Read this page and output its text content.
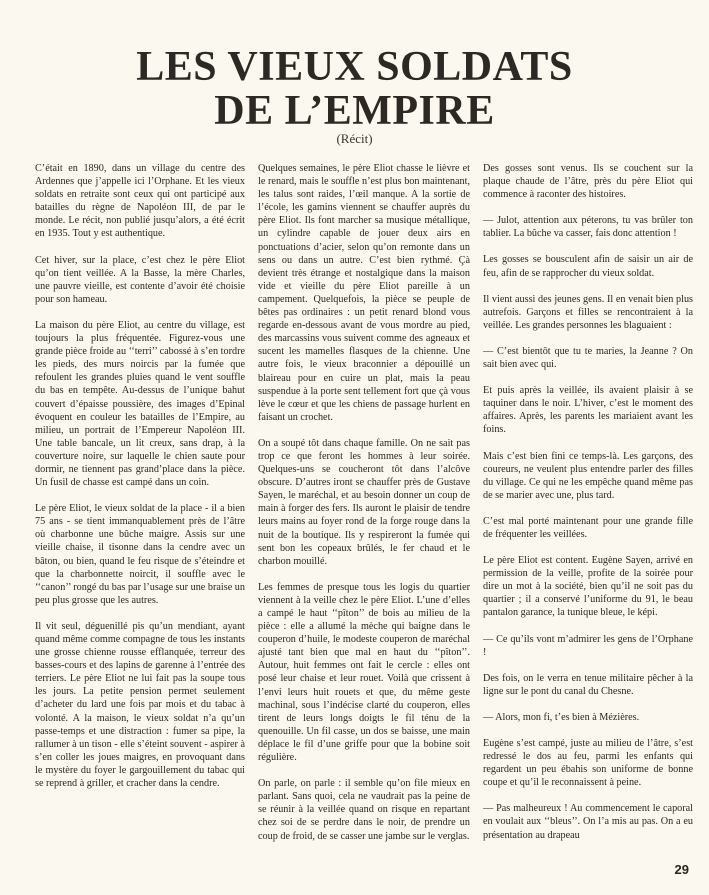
LES VIEUX SOLDATS
DE L’EMPIRE
(Récit)

C’était en 1890, dans un village du centre des Ardennes que j’appelle ici l’Orphane. Et les vieux soldats en retraite sont ceux qui ont participé aux batailles du règne de Napoléon III, de par le monde. Le récit, non publié jusqu’alors, a été écrit en 1935. Tout y est authentique.

Cet hiver, sur la place, c’est chez le père Eliot qu’on tient veillée. A la Basse, la mère Charles, une pauvre vieille, est contente d’avoir été choisie pour son hameau.

La maison du père Eliot, au centre du village, est toujours la plus fréquentée. Figurez-vous une grande pièce froide au ‘‘terri’’ cabossé à s’en tordre les pieds, des murs noircis par la fumée que refoulent les grandes pluies quand le vent souffle du bas en tempête. Au-dessus de l’unique bahut couvert d’épaisse poussière, des images d’Epinal évoquent en couleur les batailles de l’Empire, au milieu, un portrait de l’Empereur Napoléon III. Une table bancale, un lit creux, sans drap, à la couverture noire, sur laquelle le chien saute pour dormir, ne tiennent pas grand’place dans la pièce. Un fusil de chasse est campé dans un coin.

Le père Eliot, le vieux soldat de la place - il a bien 75 ans - se tient immanquablement près de l’âtre où charbonne une bûche maigre. Assis sur une vieille chaise, il tisonne dans la cendre avec un bâton, ou bien, quand le feu risque de s’éteindre et que la charbonnette noircit, il souffle avec le ‘‘canon’’ rongé du bas par l’usage sur une braise un peu plus grosse que les autres.

Il vit seul, déguenillé pis qu’un mendiant, ayant quand même comme compagne de tous les instants une grosse chienne rousse efflanquée, terreur des basses-cours et des lapins de garenne à l’entrée des terriers. Le père Eliot ne lui fait pas la soupe tous les jours. La petite pension permet seulement d’acheter du lard une fois par mois et du tabac à volonté. A la maison, le vieux soldat n’a qu’un passe-temps et une distraction : fumer sa pipe, la rallumer à un tison - elle s’éteint souvent - aspirer à s’en coller les joues maigres, en provoquant dans le mystère du foyer le gargouillement du tabac qui se reprend à griller, et cracher dans la cendre.

Quelques semaines, le père Eliot chasse le lièvre et le renard, mais le souffle n’est plus bon maintenant, les talus sont raides, l’œil manque. A la sortie de l’école, les gamins viennent se chauffer auprès du père Eliot. Ils font marcher sa musique métallique, un cylindre capable de jouer deux airs en ponctuations d’acier, selon qu’on remonte dans un sens ou dans un autre. C’est bien rythmé. Çà devient très étrange et nostalgique dans la maison vide et vieille du père Eliot pareille à un campement. Quelquefois, la pièce se peuple de bêtes pas ordinaires : un petit renard blond vous regarde en-dessous avant de vous mordre au pied, des marcassins vous suivent comme des agneaux et sucent les mamelles flasques de la chienne. Une autre fois, le vieux braconnier a dépouillé un blaireau pour en cuire un plat, mais la peau suspendue à la porte sent tellement fort que çà vous lève le cœur et que les chiens de passage hurlent en faisant un crochet.

On a soupé tôt dans chaque famille. On ne sait pas trop ce que feront les hommes à leur soirée. Quelques-uns se coucheront tôt dans l’alcôve obscure. D’autres iront se chauffer près de Gustave Sayen, le maréchal, et au besoin donner un coup de main à forger des fers. Ils auront le plaisir de tendre leurs mains au foyer rond de la forge rouge dans la nuit de la boutique. Ils y respireront la fumée qui sent bon les copeaux brûlés, le fer chaud et le charbon mouillé.

Les femmes de presque tous les logis du quartier viennent à la veille chez le père Eliot. L’une d’elles a campé le haut ‘‘pîton’’ de bois au milieu de la pièce : elle a allumé la mèche qui baigne dans le couperon d’huile, le modeste couperon de maréchal ajusté tant bien que mal en haut du ‘‘pîton’’. Autour, huit femmes ont fait le cercle : elles ont posé leur chaise et leur rouet. Voilà que crissent à l’envi leurs huit rouets et que, du même geste machinal, sous l’indécise clarté du couperon, elles tirent de leurs longs doigts le fil ténu de la quenouille. Un fil casse, un dos se baisse, une main déplace le fil d’une griffe pour que la bobine soit régulière.

On parle, on parle : il semble qu’on file mieux en parlant. Sans quoi, cela ne vaudrait pas la peine de se réunir à la veillée quand on risque en repartant chez soi de se perdre dans le noir, de prendre un coup de froid, de se casser une jambe sur le verglas.

Des gosses sont venus. Ils se couchent sur la plaque chaude de l’âtre, près du père Eliot qui commence à raconter des histoires.

— Julot, attention aux péterons, tu vas brûler ton tablier. La bûche va casser, fais donc attention !

Les gosses se bousculent afin de saisir un air de feu, afin de se rapprocher du vieux soldat.

Il vient aussi des jeunes gens. Il en venait bien plus autrefois. Garçons et filles se rencontraient à la veillée. Les grandes personnes les blaguaient :

— C’est bientôt que tu te maries, la Jeanne ? On sait bien avec qui.

Et puis après la veillée, ils avaient plaisir à se taquiner dans le noir. L’hiver, c’est le moment des affaires. Après, les parents les mariaient avant les foins.

Mais c’est bien fini ce temps-là. Les garçons, des coureurs, ne veulent plus entendre parler des filles du village. Ce qui ne les empêche quand même pas de se marier avec une, plus tard.

C’est mal porté maintenant pour une grande fille de fréquenter les veillées.

Le père Eliot est content. Eugène Sayen, arrivé en permission de la veille, profite de la soirée pour dire un mot à la société, bien qu’il ne soit pas du quartier ; il a conservé l’uniforme du 91, le beau pantalon garance, la tunique bleue, le képi.

— Ce qu’ils vont m’admirer les gens de l’Orphane !

Des fois, on le verra en tenue militaire pêcher à la ligne sur le pont du canal du Chesne.

— Alors, mon fi, t’es bien à Mézières.

Eugène s’est campé, juste au milieu de l’âtre, s’est redressé le dos au feu, parmi les enfants qui regardent un peu ébahis son uniforme de bonne coupe et qu’il le reconnaissent à peine.

— Pas malheureux ! Au commencement le caporal en voulait aux ‘‘bleus’’. On l’a mis au pas. On a eu présentation au drapeau

29
